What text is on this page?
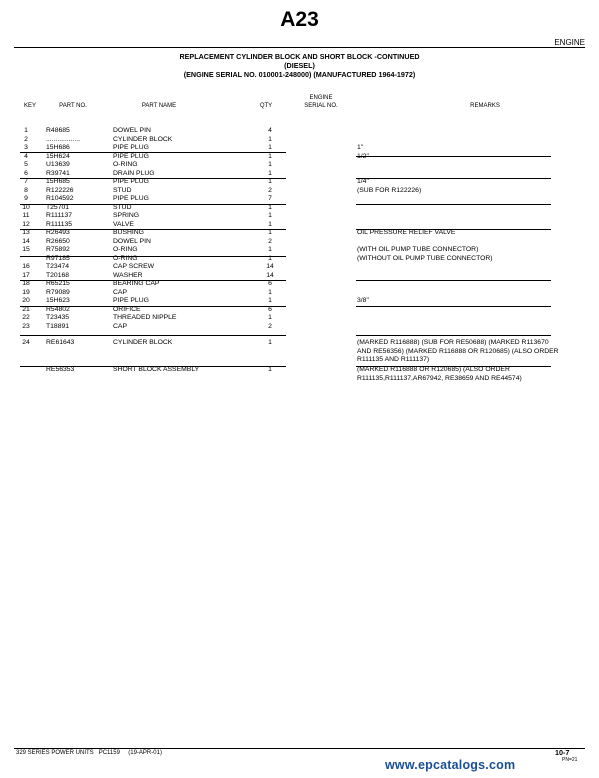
A23
ENGINE
REPLACEMENT CYLINDER BLOCK AND SHORT BLOCK -CONTINUED
(DIESEL)
(ENGINE SERIAL NO. 010001-248000) (MANUFACTURED 1964-1972)
KEY	PART NO.	PART NAME	QTY
ENGINE
SERIAL NO.	REMARKS
1	R48685	DOWEL PIN	4
2	..................	CYLINDER BLOCK	1
3	15H686	PIPE PLUG	1	1"
4	15H624	PIPE PLUG	1	1/2"
5	U13639	O-RING	1
6	R39741	DRAIN PLUG	1
7	15H685	PIPE PLUG	1	1/4"
8	R122226	STUD	2	(SUB FOR R122226)
9	R104592	PIPE PLUG	7
10	T25701	STUD	1
11	R111137	SPRING	1
12	R111135	VALVE	1
13	R26493	BUSHING	1	OIL PRESSURE RELIEF VALVE
14	R26650	DOWEL PIN	2
15	R75892	O-RING	1	(WITH OIL PUMP TUBE CONNECTOR)
R97185	O-RING	1	(WITHOUT OIL PUMP TUBE CONNECTOR)
16	T23474	CAP SCREW	14
17	T20168	WASHER	14
18	R65215	BEARING CAP	6
19	R79089	CAP	1
20	15H623	PIPE PLUG	1	3/8"
21	R54802	ORIFICE	6
22	T23435	THREADED NIPPLE	1
23	T18891	CAP	2
24	RE61643	CYLINDER BLOCK	1	(MARKED R116888) (SUB FOR RE50688) (MARKED R113670 AND RE56356) (MARKED R116888 OR R120685) (ALSO ORDER R111135 AND R111137)
RE56353	SHORT BLOCK ASSEMBLY	1	(MARKED R116888 OR R120685) (ALSO ORDER R111135,R111137,AR67942, RE38659 AND RE44574)
329 SERIES POWER UNITS   PC1159     (19-APR-01)	10-7
PN=21
www.epcatalogs.com
